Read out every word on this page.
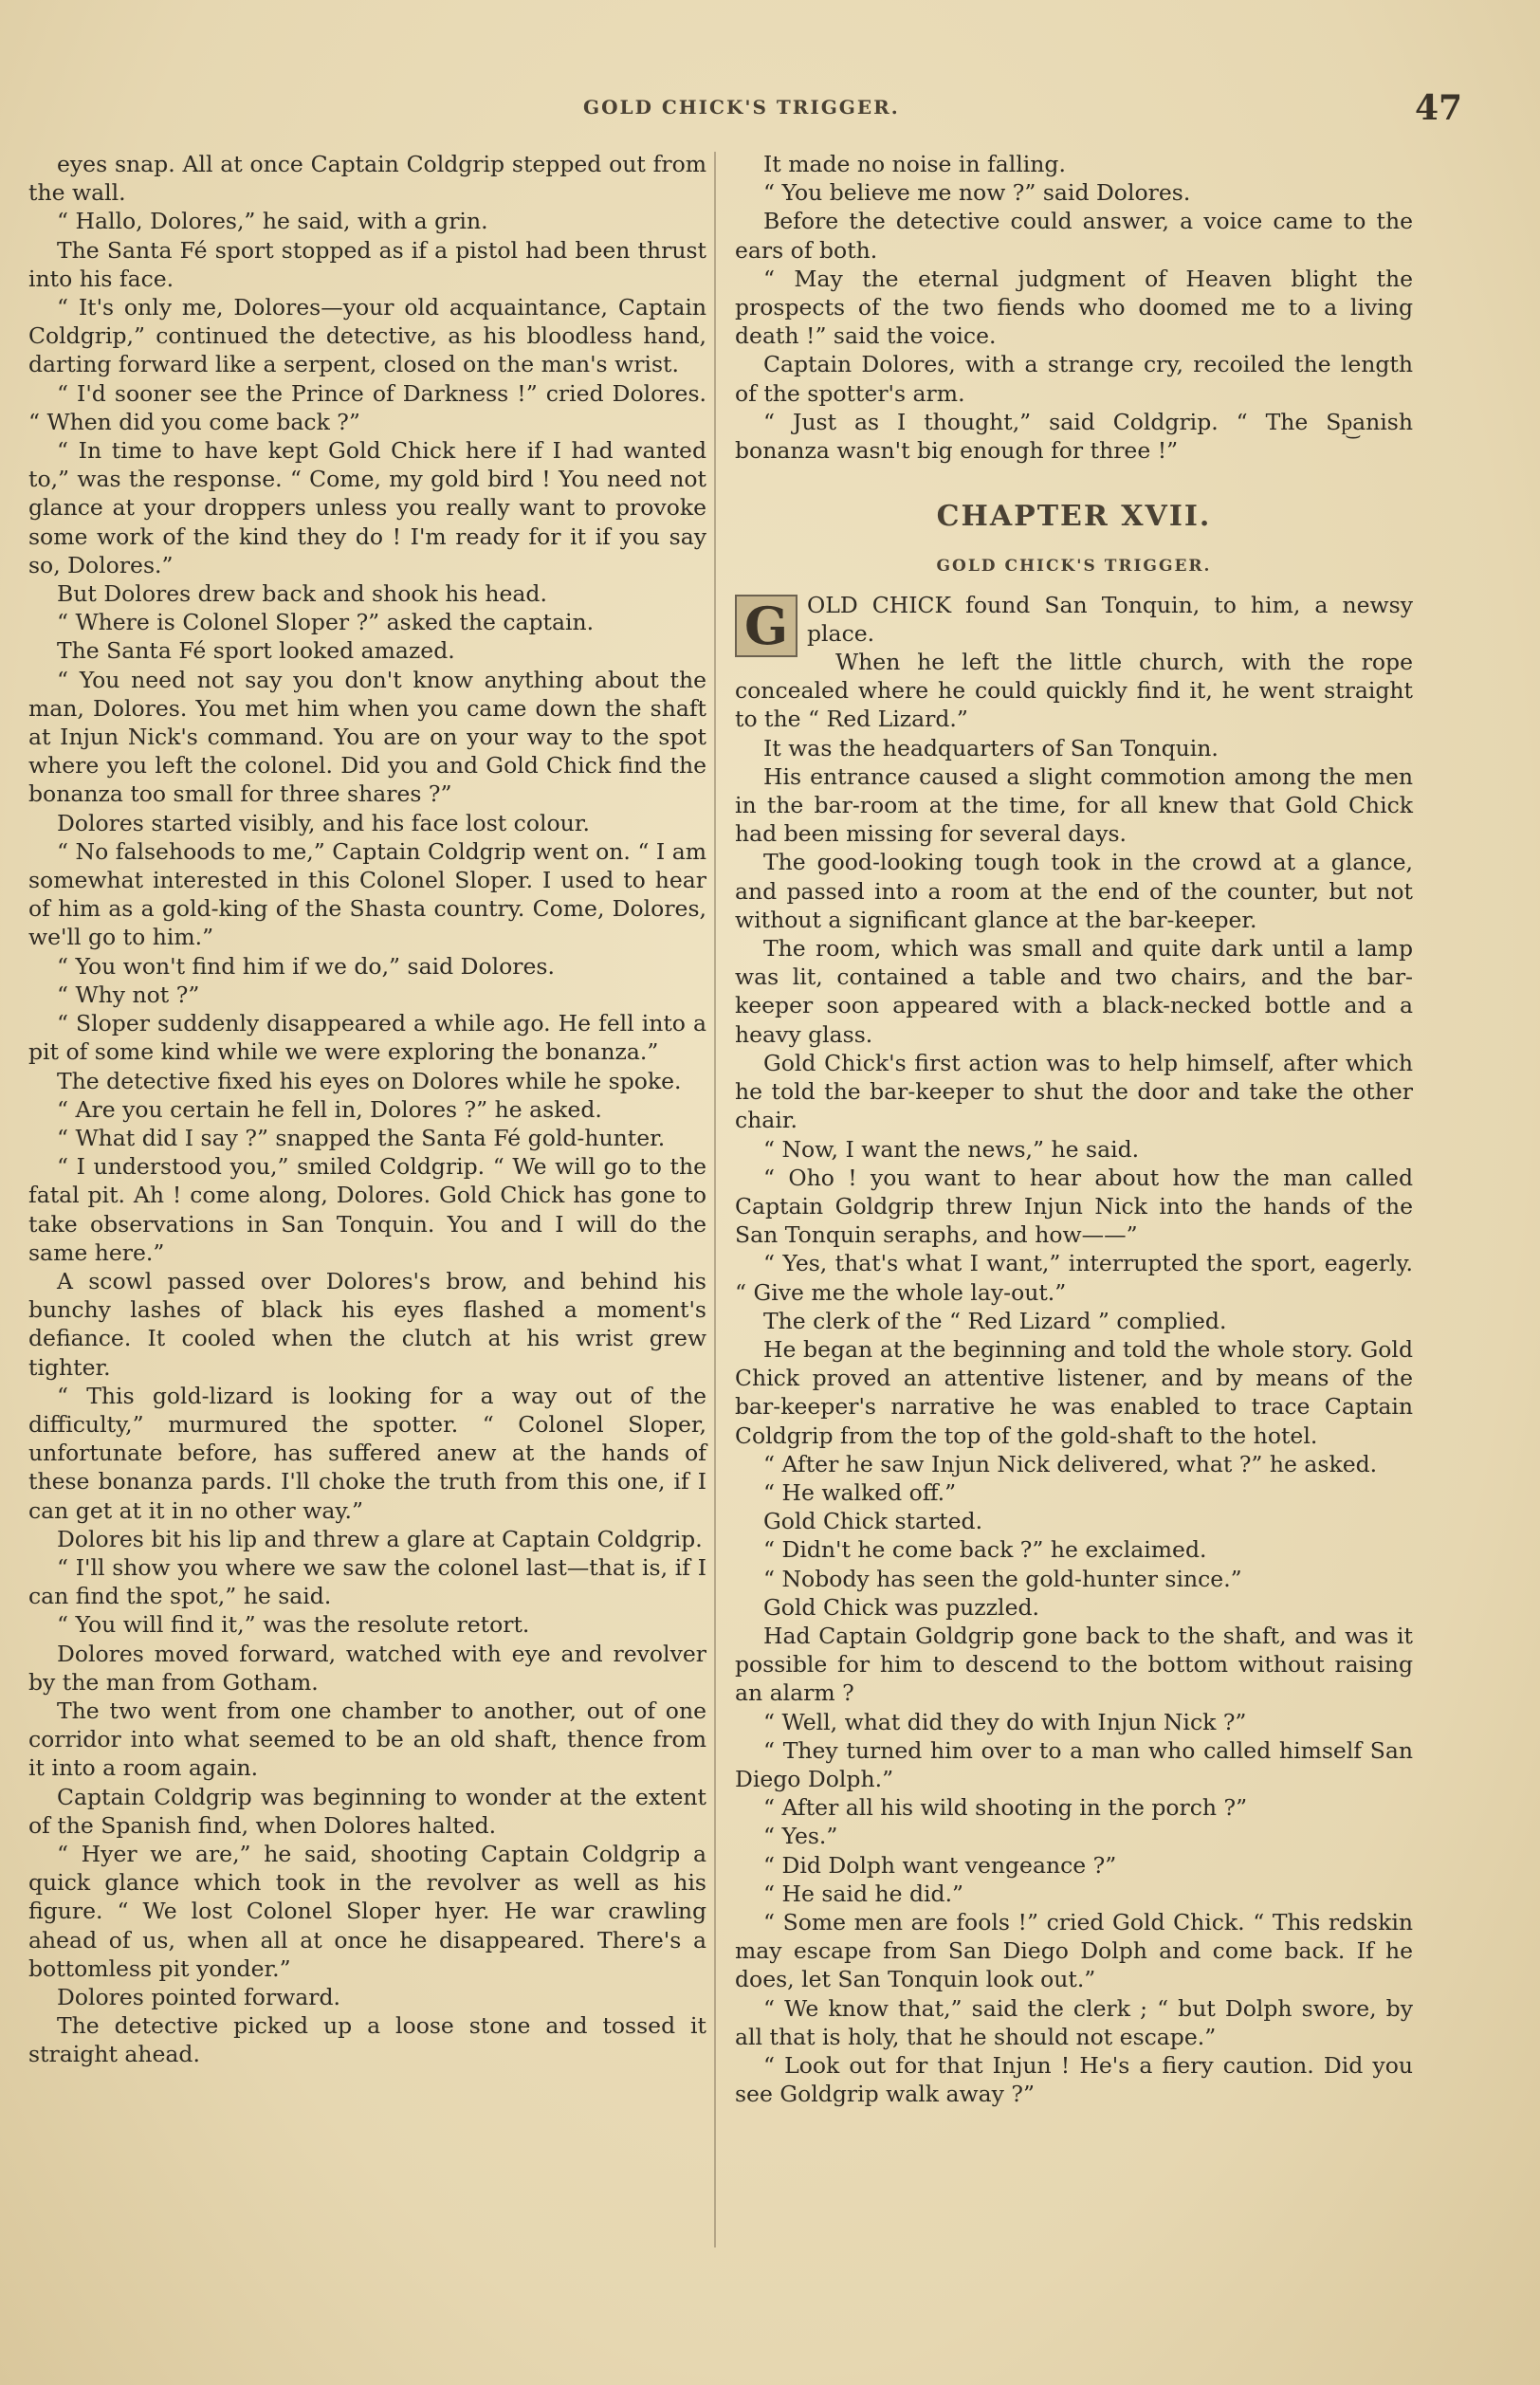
GOLD CHICK'S TRIGGER.	47

eyes snap. All at once Captain Coldgrip stepped out from the wall.

“ Hallo, Dolores,” he said, with a grin.

The Santa Fé sport stopped as if a pistol had been thrust into his face.

“ It's only me, Dolores—your old acquaintance, Captain Coldgrip,” continued the detective, as his bloodless hand, darting forward like a serpent, closed on the man's wrist.

“ I'd sooner see the Prince of Darkness !” cried Dolores. “ When did you come back ?”

“ In time to have kept Gold Chick here if I had wanted to,” was the response. “ Come, my gold bird ! You need not glance at your droppers unless you really want to provoke some work of the kind they do ! I'm ready for it if you say so, Dolores.”

But Dolores drew back and shook his head.

“ Where is Colonel Sloper ?” asked the captain.

The Santa Fé sport looked amazed.

“ You need not say you don't know anything about the man, Dolores. You met him when you came down the shaft at Injun Nick's command. You are on your way to the spot where you left the colonel. Did you and Gold Chick find the bonanza too small for three shares ?”

Dolores started visibly, and his face lost colour.

“ No falsehoods to me,” Captain Coldgrip went on. “ I am somewhat interested in this Colonel Sloper. I used to hear of him as a gold-king of the Shasta country. Come, Dolores, we'll go to him.”

“ You won't find him if we do,” said Dolores.

“ Why not ?”

“ Sloper suddenly disappeared a while ago. He fell into a pit of some kind while we were exploring the bonanza.”

The detective fixed his eyes on Dolores while he spoke.

“ Are you certain he fell in, Dolores ?” he asked.

“ What did I say ?” snapped the Santa Fé gold-hunter.

“ I understood you,” smiled Coldgrip. “ We will go to the fatal pit. Ah ! come along, Dolores. Gold Chick has gone to take observations in San Tonquin. You and I will do the same here.”

A scowl passed over Dolores's brow, and behind his bunchy lashes of black his eyes flashed a moment's defiance. It cooled when the clutch at his wrist grew tighter.

“ This gold-lizard is looking for a way out of the difficulty,” murmured the spotter. “ Colonel Sloper, unfortunate before, has suffered anew at the hands of these bonanza pards. I'll choke the truth from this one, if I can get at it in no other way.”

Dolores bit his lip and threw a glare at Captain Coldgrip.

“ I'll show you where we saw the colonel last—that is, if I can find the spot,” he said.

“ You will find it,” was the resolute retort.

Dolores moved forward, watched with eye and revolver by the man from Gotham.

The two went from one chamber to another, out of one corridor into what seemed to be an old shaft, thence from it into a room again.

Captain Coldgrip was beginning to wonder at the extent of the Spanish find, when Dolores halted.

“ Hyer we are,” he said, shooting Captain Coldgrip a quick glance which took in the revolver as well as his figure. “ We lost Colonel Sloper hyer. He war crawling ahead of us, when all at once he disappeared. There's a bottomless pit yonder.”

Dolores pointed forward.

The detective picked up a loose stone and tossed it straight ahead.

It made no noise in falling.

“ You believe me now ?” said Dolores.

Before the detective could answer, a voice came to the ears of both.

“ May the eternal judgment of Heaven blight the prospects of the two fiends who doomed me to a living death !” said the voice.

Captain Dolores, with a strange cry, recoiled the length of the spotter's arm.

“ Just as I thought,” said Coldgrip. “ The Sp͜anish bonanza wasn't big enough for three !”

CHAPTER XVII.
GOLD CHICK'S TRIGGER.

G OLD CHICK found San Tonquin, to him, a newsy place.

When he left the little church, with the rope concealed where he could quickly find it, he went straight to the “ Red Lizard.”

It was the headquarters of San Tonquin.

His entrance caused a slight commotion among the men in the bar-room at the time, for all knew that Gold Chick had been missing for several days.

The good-looking tough took in the crowd at a glance, and passed into a room at the end of the counter, but not without a significant glance at the bar-keeper.

The room, which was small and quite dark until a lamp was lit, contained a table and two chairs, and the bar-keeper soon appeared with a black-necked bottle and a heavy glass.

Gold Chick's first action was to help himself, after which he told the bar-keeper to shut the door and take the other chair.

“ Now, I want the news,” he said.

“ Oho ! you want to hear about how the man called Captain Goldgrip threw Injun Nick into the hands of the San Tonquin seraphs, and how——”

“ Yes, that's what I want,” interrupted the sport, eagerly. “ Give me the whole lay-out.”

The clerk of the “ Red Lizard ” complied.

He began at the beginning and told the whole story. Gold Chick proved an attentive listener, and by means of the bar-keeper's narrative he was enabled to trace Captain Coldgrip from the top of the gold-shaft to the hotel.

“ After he saw Injun Nick delivered, what ?” he asked.

“ He walked off.”

Gold Chick started.

“ Didn't he come back ?” he exclaimed.

“ Nobody has seen the gold-hunter since.”

Gold Chick was puzzled.

Had Captain Goldgrip gone back to the shaft, and was it possible for him to descend to the bottom without raising an alarm ?

“ Well, what did they do with Injun Nick ?”

“ They turned him over to a man who called himself San Diego Dolph.”

“ After all his wild shooting in the porch ?”

“ Yes.”

“ Did Dolph want vengeance ?”

“ He said he did.”

“ Some men are fools !” cried Gold Chick. “ This redskin may escape from San Diego Dolph and come back. If he does, let San Tonquin look out.”

“ We know that,” said the clerk ; “ but Dolph swore, by all that is holy, that he should not escape.”

“ Look out for that Injun ! He's a fiery caution. Did you see Goldgrip walk away ?”
